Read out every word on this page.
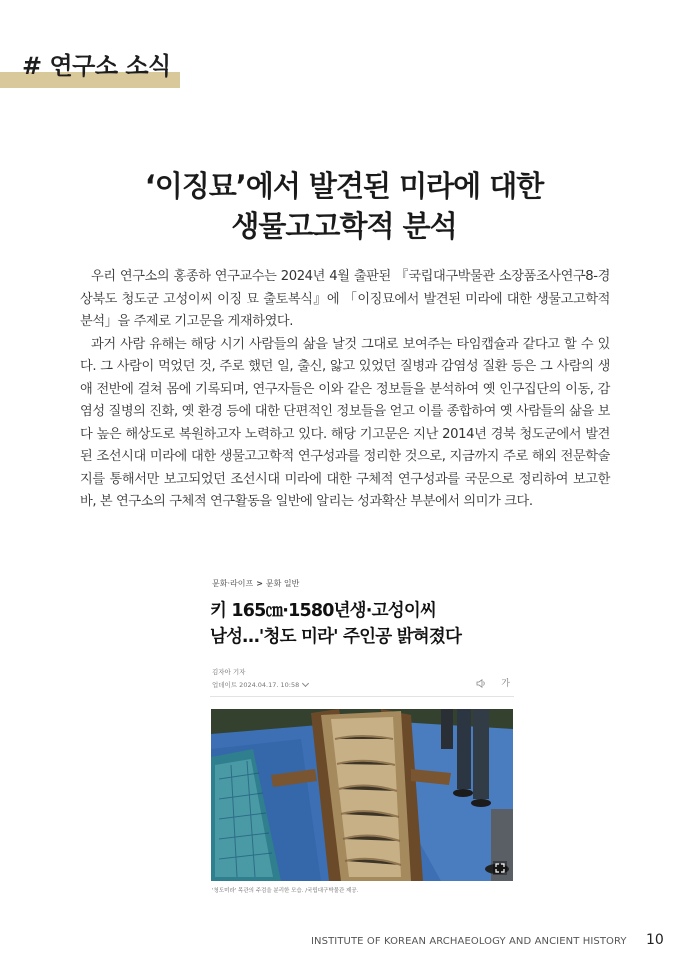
# 연구소 소식
‘이징묘’에서 발견된 미라에 대한
생물고고학적 분석

우리 연구소의 홍종하 연구교수는 2024년 4월 출판된 『국립대구박물관 소장품조사연구8-경상북도 청도군 고성이씨 이징 묘 출토복식』에 「이징묘에서 발견된 미라에 대한 생물고고학적 분석」을 주제로 기고문을 게재하였다.

과거 사람 유해는 해당 시기 사람들의 삶을 날것 그대로 보여주는 타임캡슐과 같다고 할 수 있다. 그 사람이 먹었던 것, 주로 했던 일, 출신, 앓고 있었던 질병과 감염성 질환 등은 그 사람의 생애 전반에 걸쳐 몸에 기록되며, 연구자들은 이와 같은 정보들을 분석하여 옛 인구집단의 이동, 감염성 질병의 진화, 옛 환경 등에 대한 단편적인 정보들을 얻고 이를 종합하여 옛 사람들의 삶을 보다 높은 해상도로 복원하고자 노력하고 있다. 해당 기고문은 지난 2014년 경북 청도군에서 발견된 조선시대 미라에 대한 생물고고학적 연구성과를 정리한 것으로, 지금까지 주로 해외 전문학술지를 통해서만 보고되었던 조선시대 미라에 대한 구체적 연구성과를 국문으로 정리하여 보고한 바, 본 연구소의 구체적 연구활동을 일반에 알리는 성과확산 부분에서 의미가 크다.

문화·라이프 > 문화 일반
키 165㎝·1580년생·고성이씨
남성…'청도 미라' 주인공 밝혀졌다
김자아 기자
업데이트 2024.04.17. 10:58	가
'청도미라' 목관의 주검을 분리한 모습. /국립대구박물관 제공.
INSTITUTE OF KOREAN ARCHAEOLOGY AND ANCIENT HISTORY 10
